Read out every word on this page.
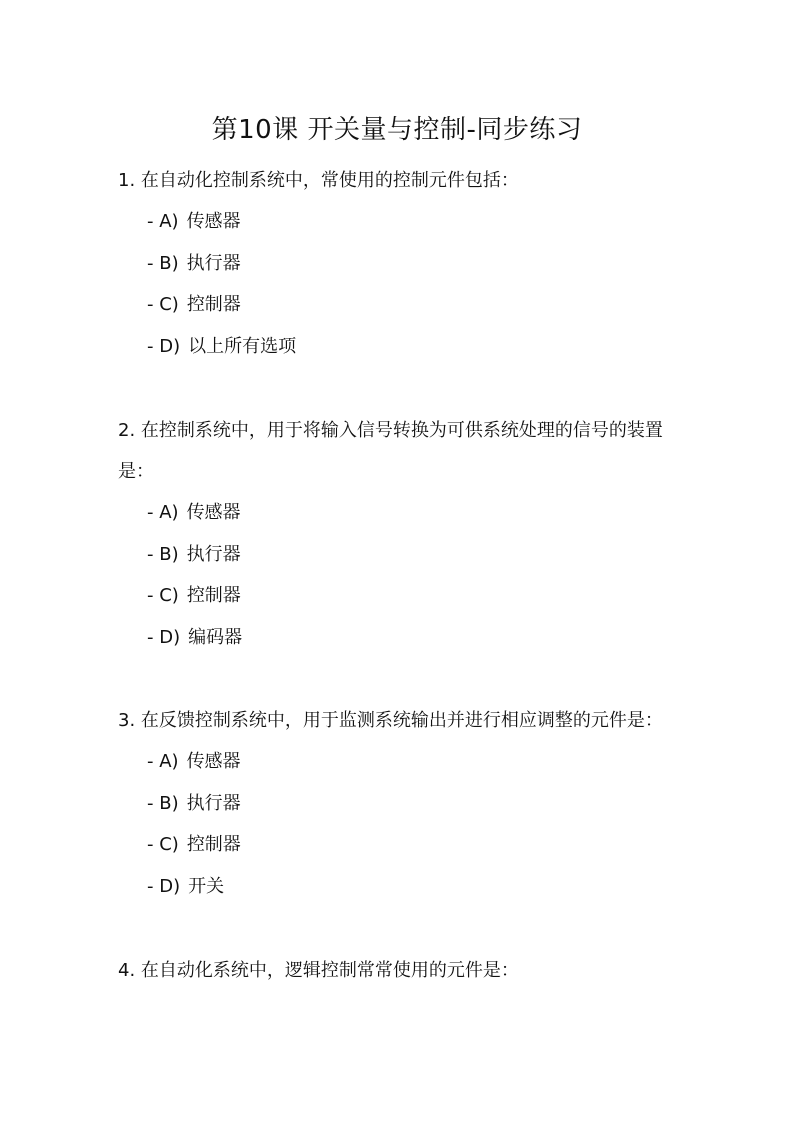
第10课 开关量与控制-同步练习

1. 在自动化控制系统中，常使用的控制元件包括：

- A) 传感器
- B) 执行器
- C) 控制器
- D) 以上所有选项

2. 在控制系统中，用于将输入信号转换为可供系统处理的信号的装置是：

- A) 传感器
- B) 执行器
- C) 控制器
- D) 编码器

3. 在反馈控制系统中，用于监测系统输出并进行相应调整的元件是：

- A) 传感器
- B) 执行器
- C) 控制器
- D) 开关

4. 在自动化系统中，逻辑控制常常使用的元件是：
